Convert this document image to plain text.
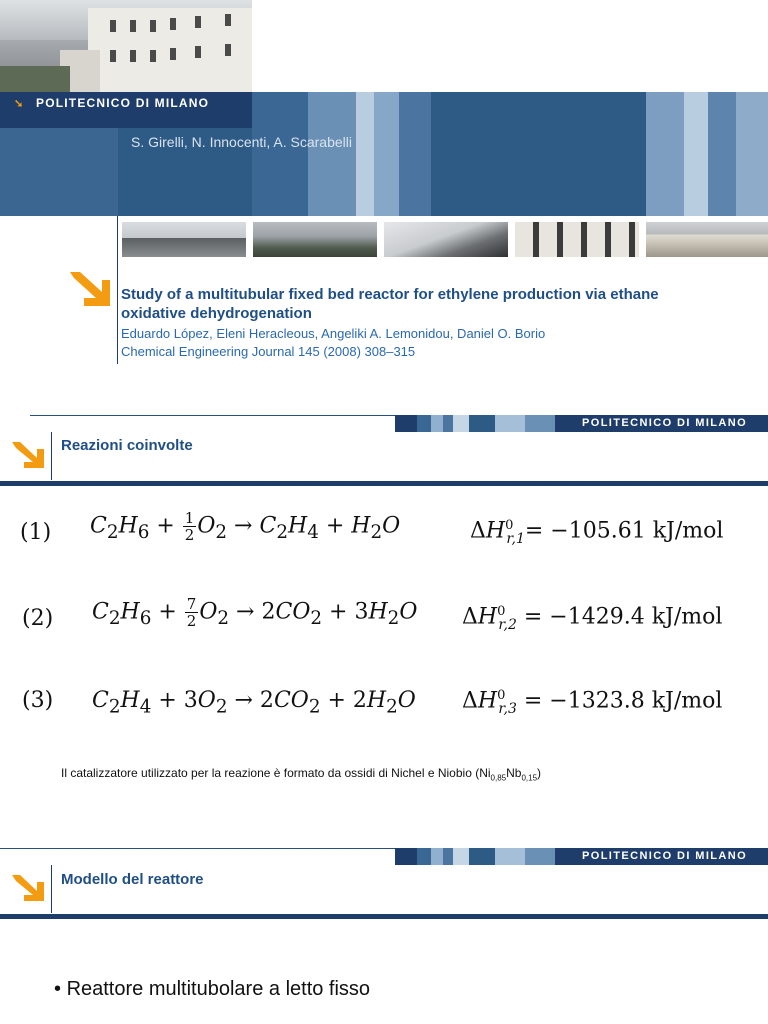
➘ POLITECNICO DI MILANO
S. Girelli, N. Innocenti, A. Scarabelli
Study of a multitubular fixed bed reactor for ethylene production via ethane oxidative dehydrogenation
Eduardo López, Eleni Heracleous, Angeliki A. Lemonidou, Daniel O. Borio
Chemical Engineering Journal 145 (2008) 308–315
POLITECNICO DI MILANO
Reazioni coinvolte
(1) $C_2H_6 + \frac{1}{2} O_2 \to C_2H_4 + H_2O$	$\Delta H^0_{r,1}= -105.61$ kJ/mol
(2) $C_2H_6 + \frac{7}{2} O_2 \to 2CO_2 + 3H_2O$ $\Delta H^0_{r,2} = -1429.4$ kJ/mol
(3) $C_2H_4 + 3O_2 \to 2CO_2 + 2H_2O$ $\Delta H^0_{r,3} = -1323.8$ kJ/mol
Il catalizzatore utilizzato per la reazione è formato da ossidi di Nichel e Niobio $(Ni_{0,85}Nb_{0,15})$
POLITECNICO DI MILANO
Modello del reattore
• Reattore multitubolare a letto fisso
